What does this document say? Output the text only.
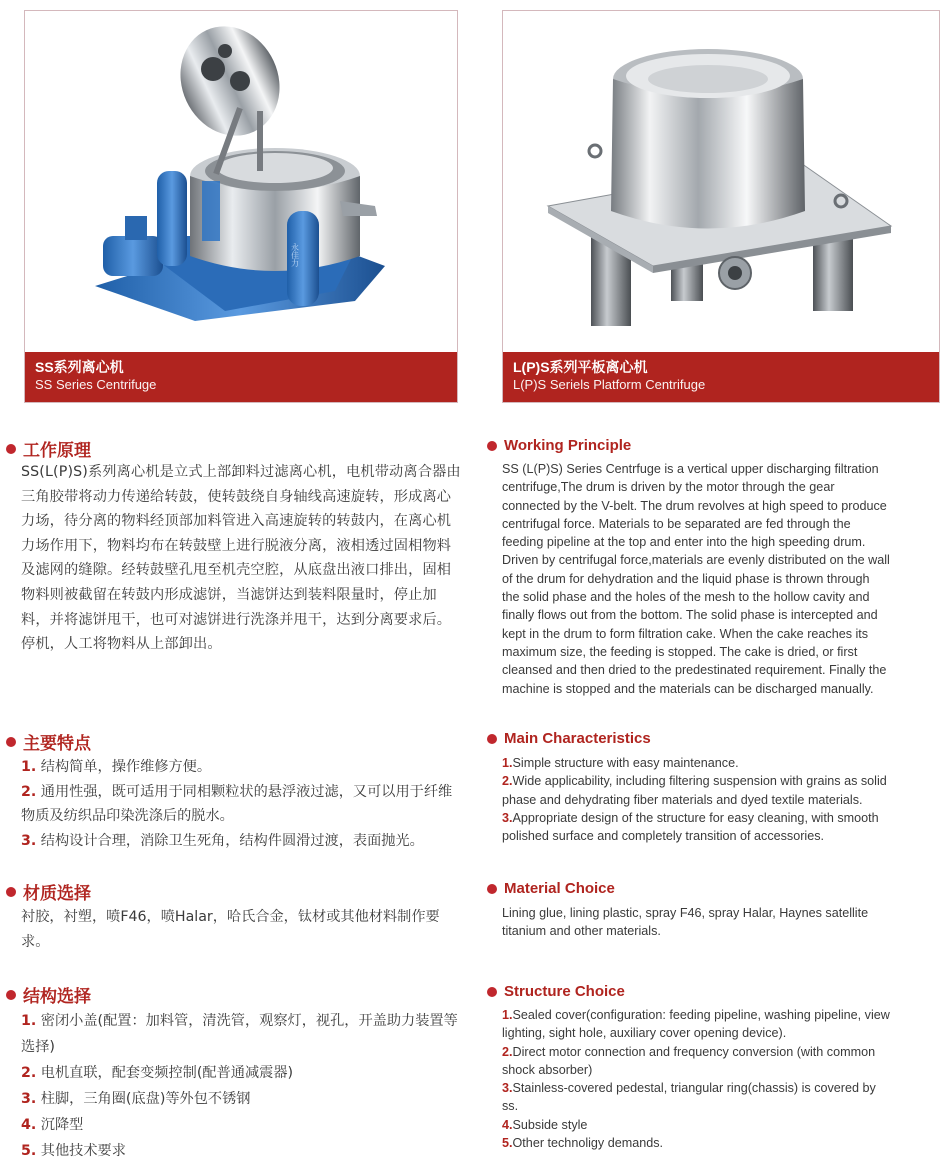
永佳力
SS系列离心机
SS Series Centrifuge
L(P)S系列平板离心机
L(P)S Seriels Platform Centrifuge
工作原理
SS(L(P)S)系列离心机是立式上部卸料过滤离心机，电机带动离合器由三角胶带将动力传递给转鼓，使转鼓绕自身轴线高速旋转，形成离心力场，待分离的物料经顶部加料管进入高速旋转的转鼓内，在离心机力场作用下，物料均布在转鼓壁上进行脱液分离，液相透过固相物料及滤网的缝隙。经转鼓壁孔甩至机壳空腔，从底盘出液口排出，固相物料则被截留在转鼓内形成滤饼，当滤饼达到装料限量时，停止加料，并将滤饼甩干，也可对滤饼进行洗涤并甩干，达到分离要求后。停机，人工将物料从上部卸出。
主要特点
1. 结构简单，操作维修方便。
2. 通用性强，既可适用于同相颗粒状的悬浮液过滤，又可以用于纤维物质及纺织品印染洗涤后的脱水。
3. 结构设计合理，消除卫生死角，结构件圆滑过渡，表面抛光。
材质选择
衬胶，衬塑，喷F46，喷Halar，哈氏合金，钛材或其他材料制作要求。
结构选择
1. 密闭小盖(配置：加料管，清洗管，观察灯，视孔，开盖助力装置等选择)
2. 电机直联，配套变频控制(配普通减震器)
3. 柱脚，三角圈(底盘)等外包不锈钢
4. 沉降型
5. 其他技术要求
Working Principle
SS (L(P)S) Series Centrfuge is a vertical upper discharging filtration
centrifuge,The drum is driven by the motor through the gear
connected by the V-belt. The drum revolves at high speed to produce
centrifugal force. Materials to be separated are fed through the
feeding pipeline at the top and enter into the high speeding drum.
Driven by centrifugal force,materials are evenly distributed on the wall
of the drum for dehydration and the liquid phase is thrown through
the solid phase and the holes of the mesh to the hollow cavity and
finally flows out from the bottom. The solid phase is intercepted and
kept in the drum to form filtration cake. When the cake reaches its
maximum size, the feeding is stopped. The cake is dried, or first
cleansed and then dried to the predestinated requirement. Finally the
machine is stopped and the materials can be discharged manually.
Main Characteristics
1.Simple structure with easy maintenance.
2.Wide applicability, including filtering suspension with grains as solid
phase and dehydrating fiber materials and dyed textile materials.
3.Appropriate design of the structure for easy cleaning, with smooth
polished surface and completely transition of accessories.
Material Choice
Lining glue, lining plastic, spray F46, spray Halar, Haynes satellite
titanium and other materials.
Structure Choice
1.Sealed cover(configuration: feeding pipeline, washing pipeline, view
lighting, sight hole, auxiliary cover opening device).
2.Direct motor connection and frequency conversion (with common
shock absorber)
3.Stainless-covered pedestal, triangular ring(chassis) is covered by
ss.
4.Subside style
5.Other technoligy demands.
